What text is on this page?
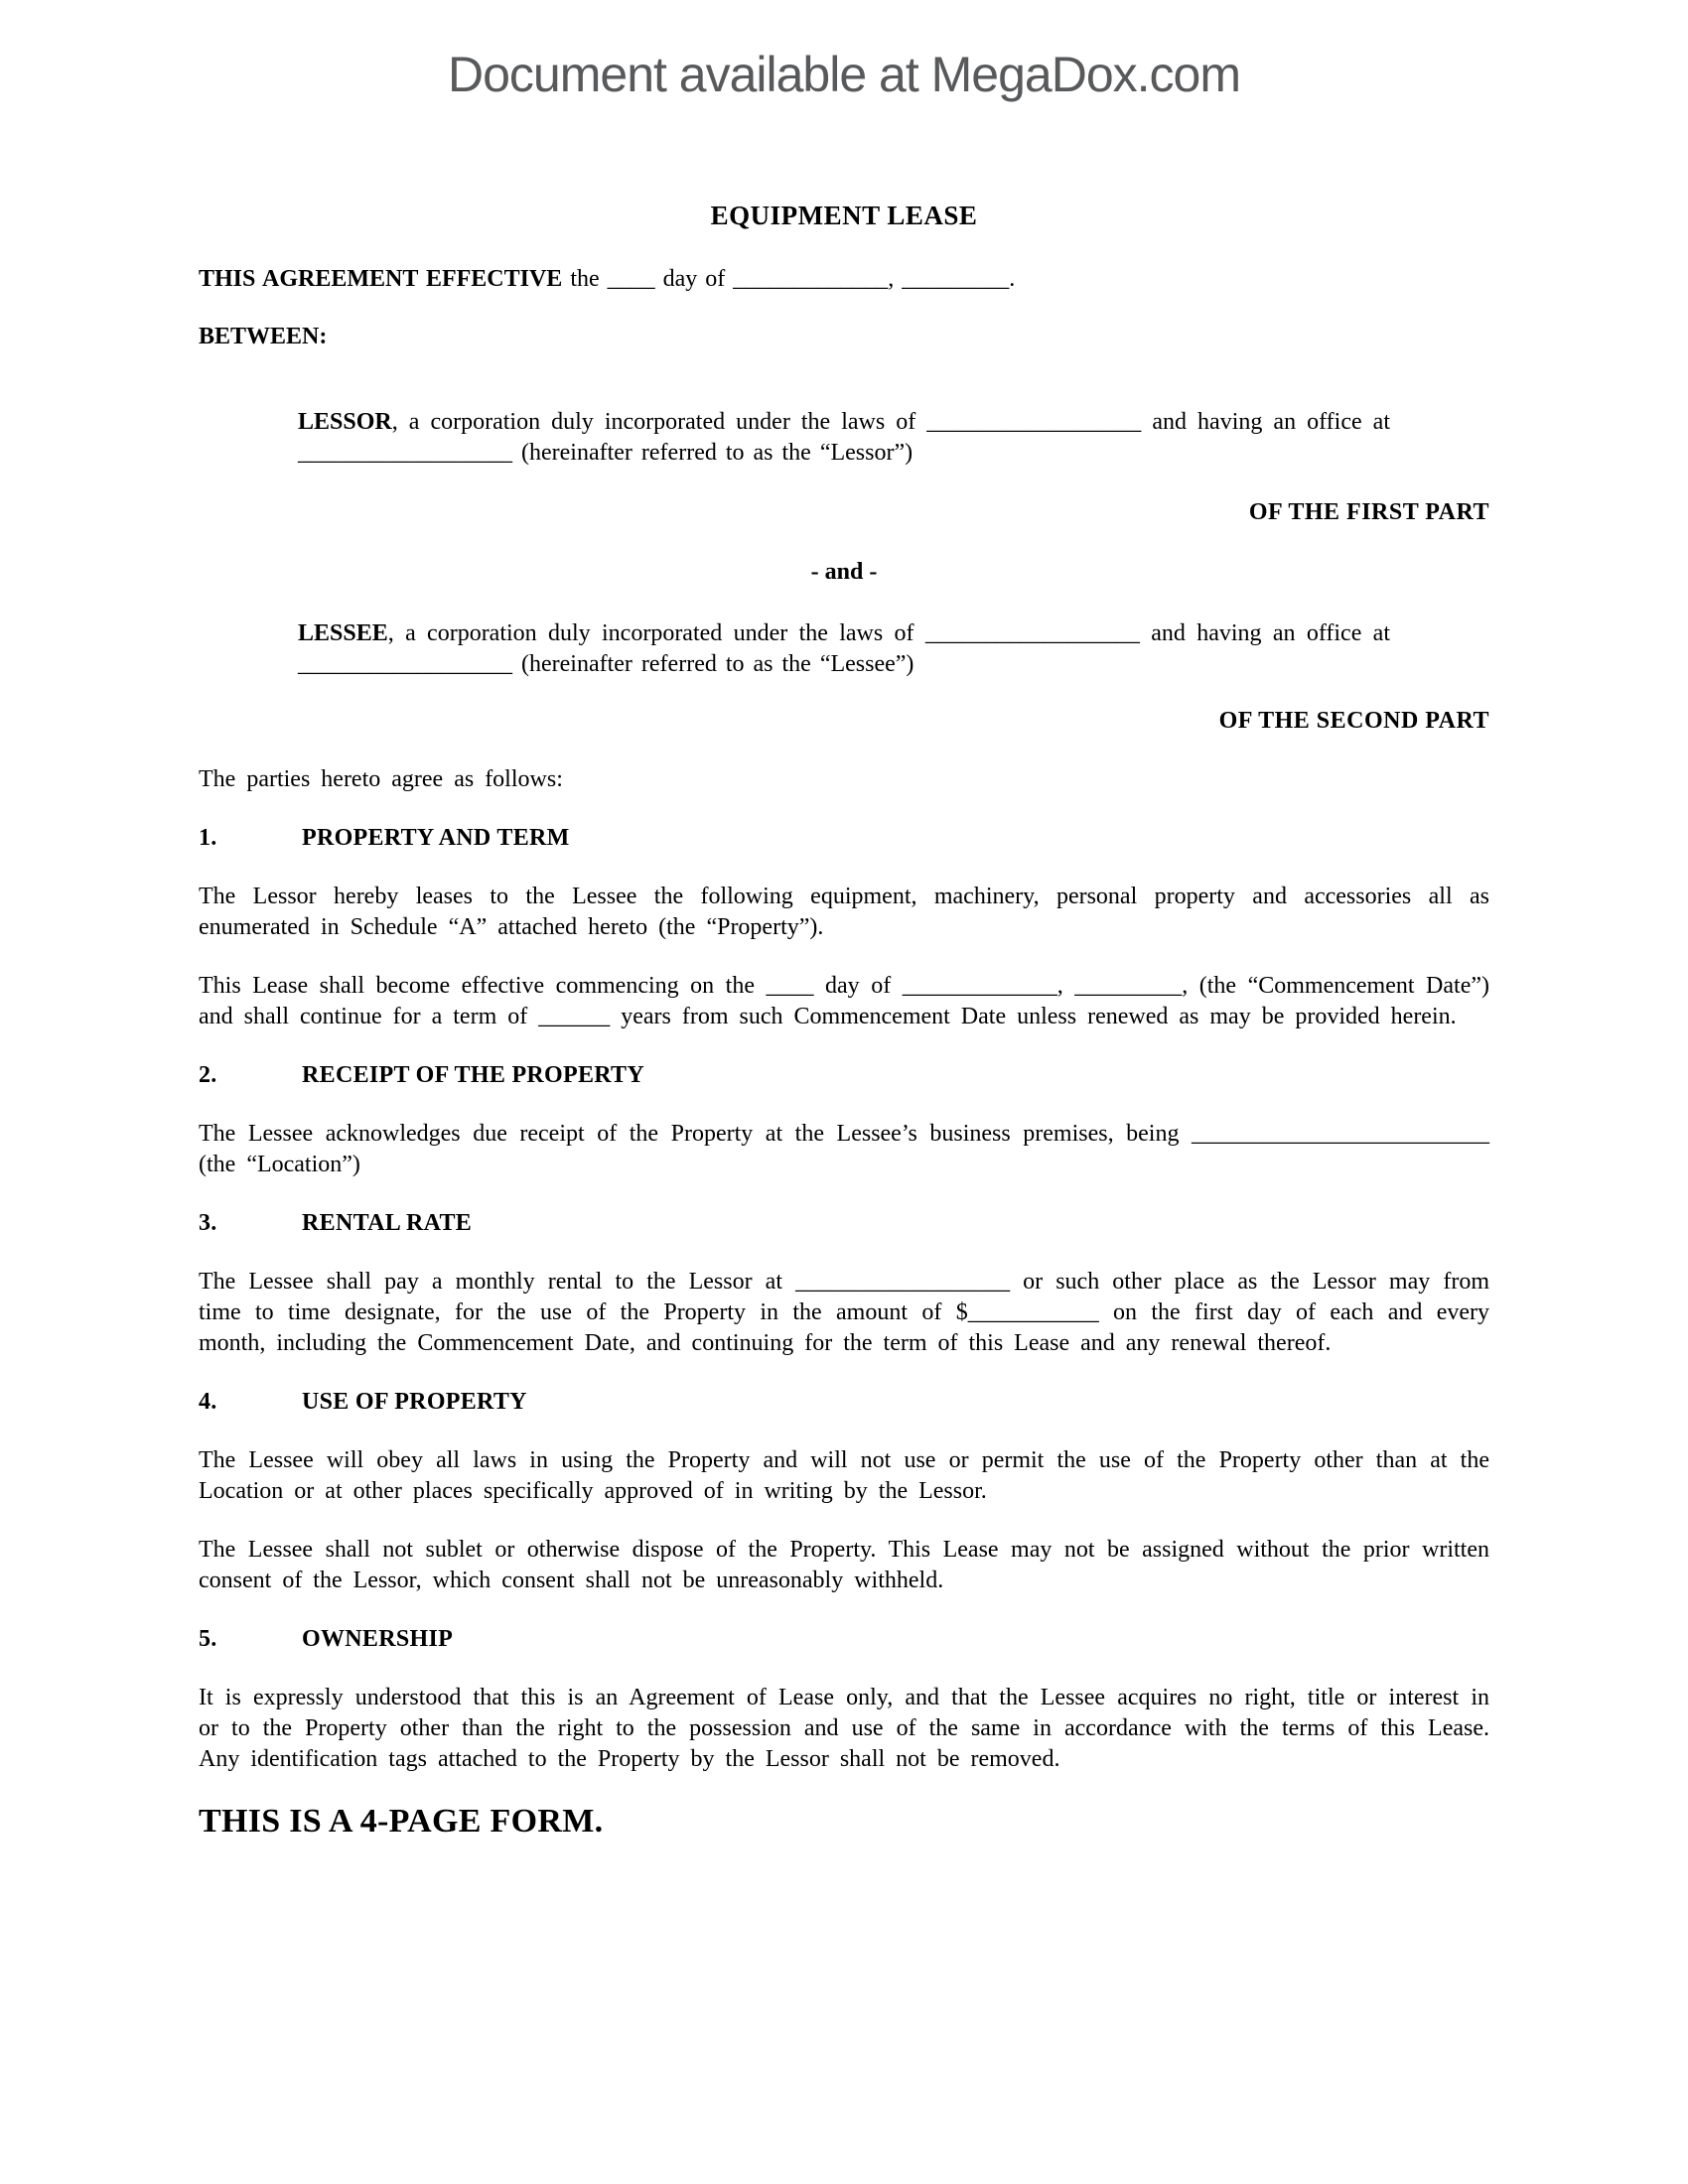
Document available at MegaDox.com
EQUIPMENT LEASE

THIS AGREEMENT EFFECTIVE the ____ day of _____________, _________.

BETWEEN:

LESSOR, a corporation duly incorporated under the laws of __________________ and having an office at __________________ (hereinafter referred to as the “Lessor”)

OF THE FIRST PART

- and -

LESSEE, a corporation duly incorporated under the laws of __________________ and having an office at __________________ (hereinafter referred to as the “Lessee”)

OF THE SECOND PART

The parties hereto agree as follows:

1.	PROPERTY AND TERM

The Lessor hereby leases to the Lessee the following equipment, machinery, personal property and accessories all as enumerated in Schedule “A” attached hereto (the “Property”).

This Lease shall become effective commencing on the ____ day of _____________, _________, (the “Commencement Date”) and shall continue for a term of ______ years from such Commencement Date unless renewed as may be provided herein.

2.	RECEIPT OF THE PROPERTY

The Lessee acknowledges due receipt of the Property at the Lessee’s business premises, being _________________________ (the “Location”)

3.	RENTAL RATE

The Lessee shall pay a monthly rental to the Lessor at __________________ or such other place as the Lessor may from time to time designate, for the use of the Property in the amount of $___________ on the first day of each and every month, including the Commencement Date, and continuing for the term of this Lease and any renewal thereof.

4.	USE OF PROPERTY

The Lessee will obey all laws in using the Property and will not use or permit the use of the Property other than at the Location or at other places specifically approved of in writing by the Lessor.

The Lessee shall not sublet or otherwise dispose of the Property. This Lease may not be assigned without the prior written consent of the Lessor, which consent shall not be unreasonably withheld.

5.	OWNERSHIP

It is expressly understood that this is an Agreement of Lease only, and that the Lessee acquires no right, title or interest in or to the Property other than the right to the possession and use of the same in accordance with the terms of this Lease. Any identification tags attached to the Property by the Lessor shall not be removed.

THIS IS A 4-PAGE FORM.
